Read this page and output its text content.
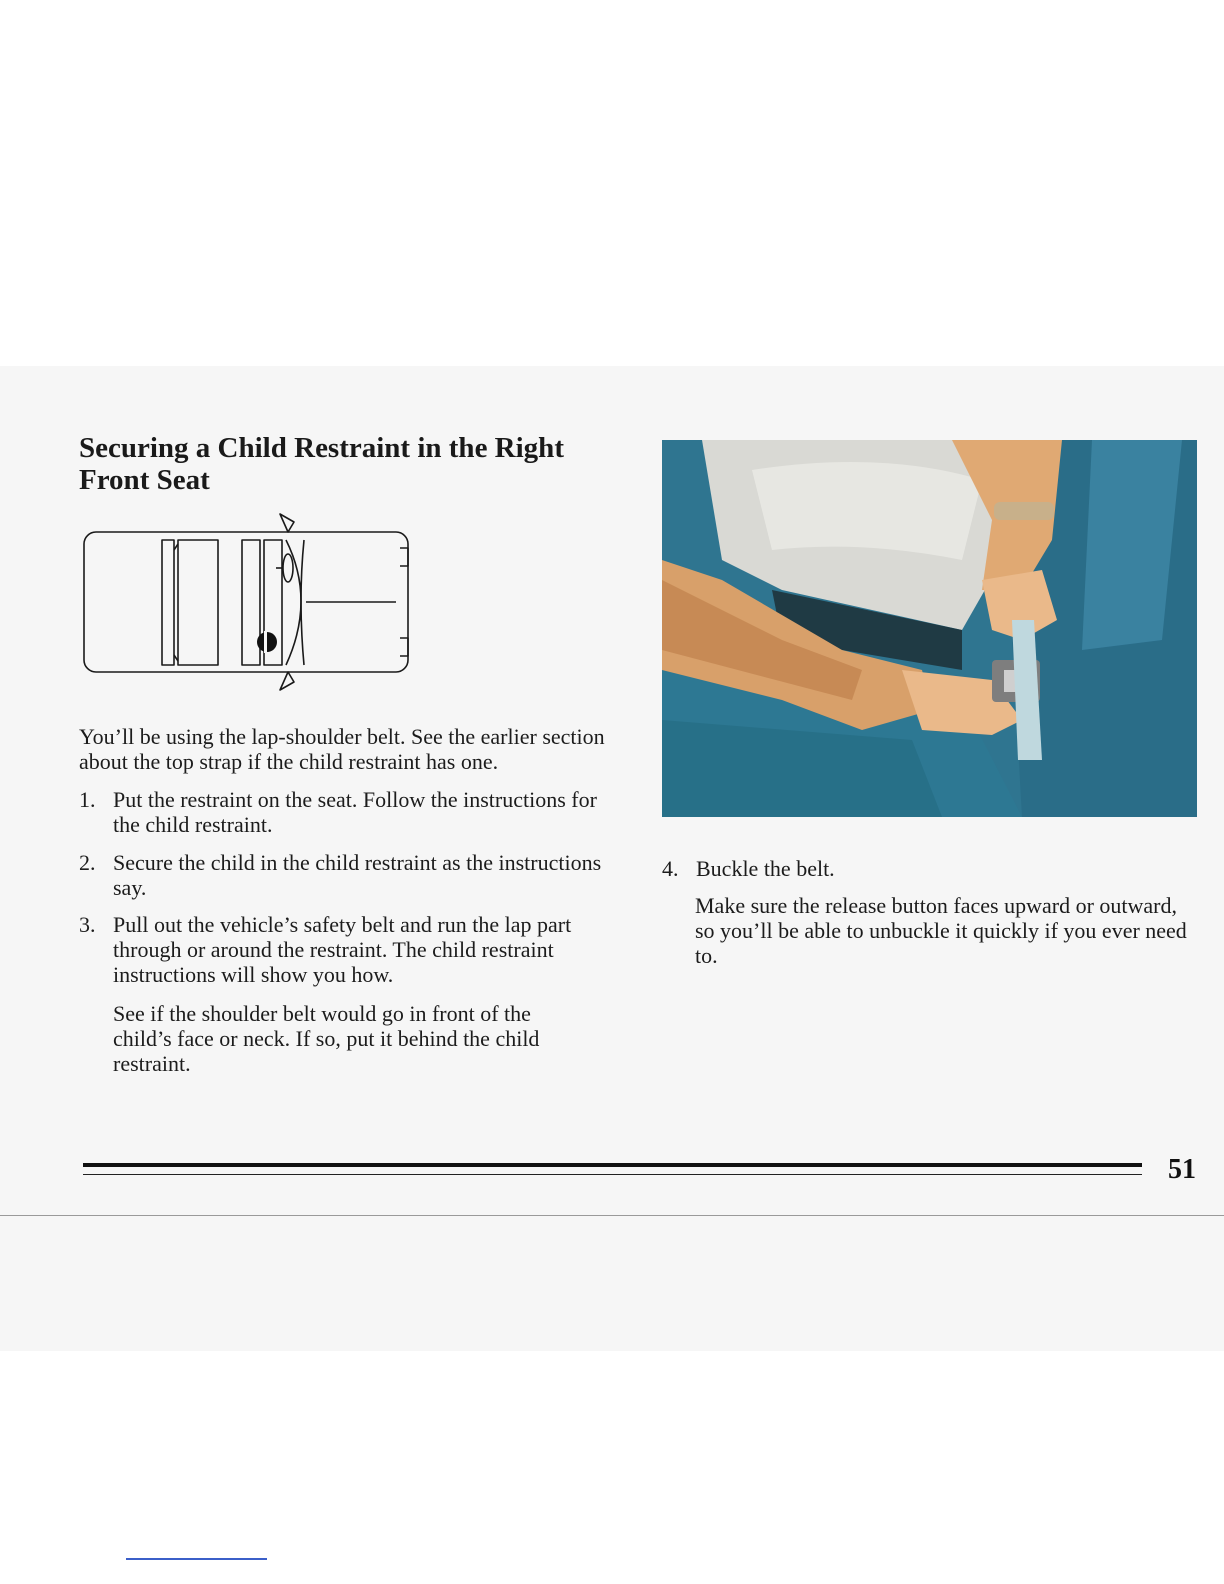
Securing a Child Restraint in the Right Front Seat

You’ll be using the lap-shoulder belt. See the earlier section about the top strap if the child restraint has one.

1. Put the restraint on the seat. Follow the instructions for the child restraint.

2. Secure the child in the child restraint as the instructions say.

3. Pull out the vehicle’s safety belt and run the lap part through or around the restraint. The child restraint instructions will show you how.

See if the shoulder belt would go in front of the child’s face or neck. If so, put it behind the child restraint.

4. Buckle the belt.

Make sure the release button faces upward or outward, so you’ll be able to unbuckle it quickly if you ever need to.

51
